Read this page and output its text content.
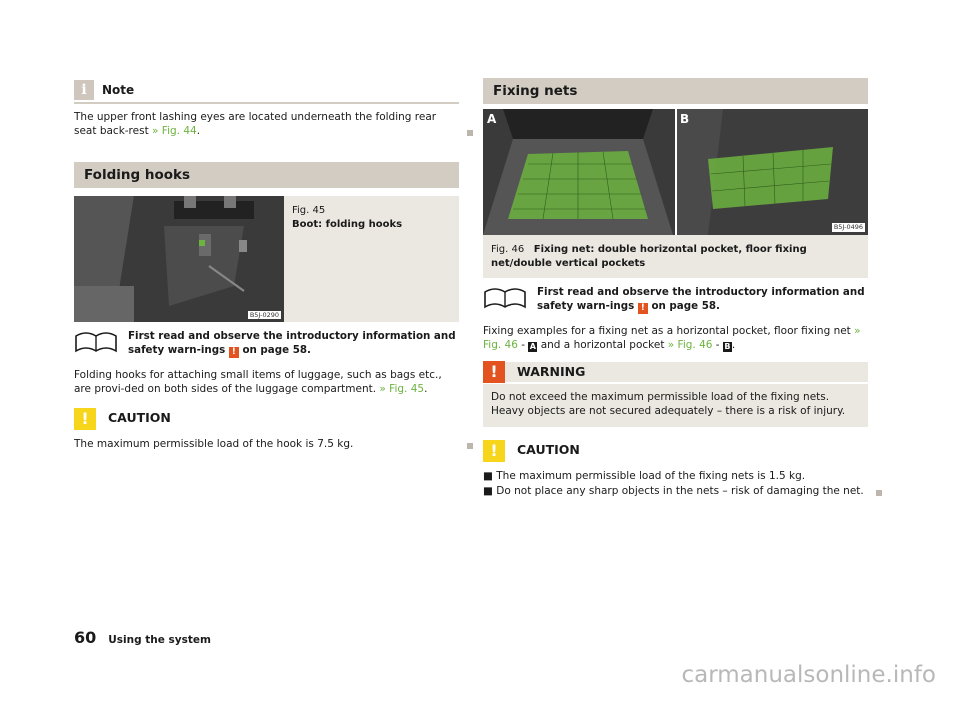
i	Note
The upper front lashing eyes are located underneath the folding rear seat back-rest » Fig. 44.
Folding hooks
B5J-0290
Fig. 45
Boot: folding hooks
First read and observe the introductory information and safety warn-ings ! on page 58.
Folding hooks for attaching small items of luggage, such as bags etc., are provi-ded on both sides of the luggage compartment. » Fig. 45.
!	CAUTION
The maximum permissible load of the hook is 7.5 kg.
Fixing nets
A	B
B5J-0496
Fig. 46 Fixing net: double horizontal pocket, floor fixing net/double vertical pockets
First read and observe the introductory information and safety warn-ings ! on page 58.
Fixing examples for a fixing net as a horizontal pocket, floor fixing net » Fig. 46 - A and a horizontal pocket » Fig. 46 - B.
!	WARNING
Do not exceed the maximum permissible load of the fixing nets. Heavy objects are not secured adequately – there is a risk of injury.
!	CAUTION
■ The maximum permissible load of the fixing nets is 1.5 kg.
■ Do not place any sharp objects in the nets – risk of damaging the net.
60 Using the system
carmanualsonline.info
